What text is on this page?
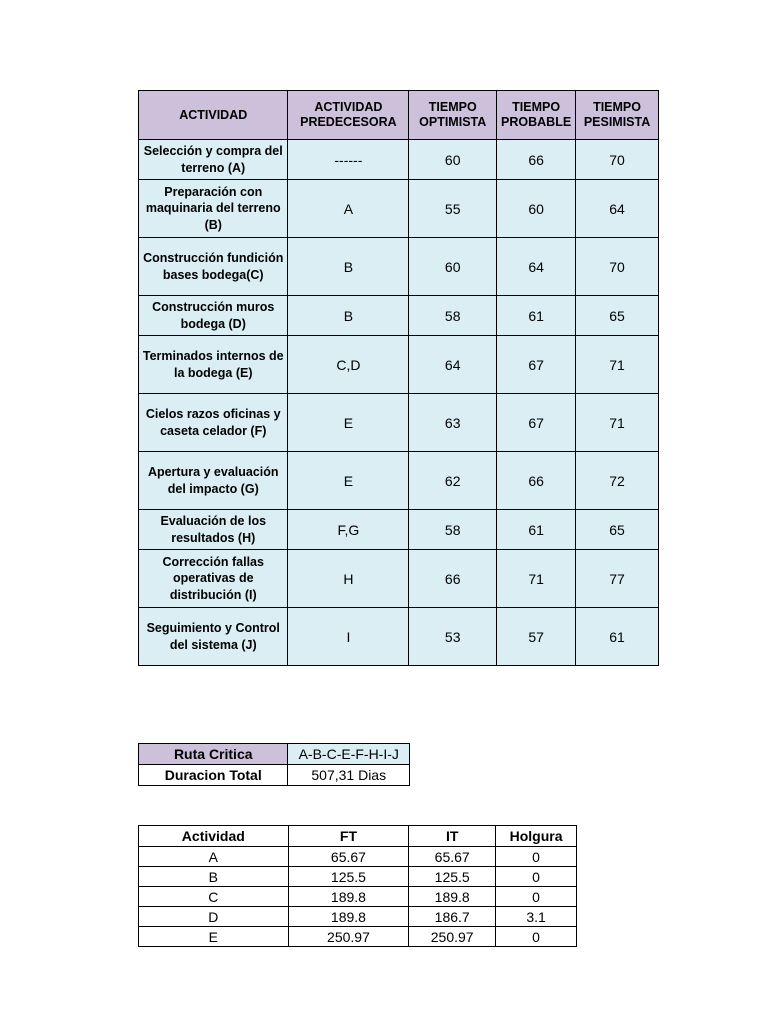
ACTIVIDAD	ACTIVIDAD PREDECESORA	TIEMPO OPTIMISTA	TIEMPO PROBABLE	TIEMPO PESIMISTA
Selección y compra del terreno (A)	------	60	66	70
Preparación con maquinaria del terreno (B)	A	55	60	64
Construcción fundición bases bodega(C)	B	60	64	70
Construcción muros bodega (D)	B	58	61	65
Terminados internos de la bodega (E)	C,D	64	67	71
Cielos razos oficinas y caseta celador (F)	E	63	67	71
Apertura y evaluación del impacto (G)	E	62	66	72
Evaluación de los resultados (H)	F,G	58	61	65
Corrección fallas operativas de distribución (I)	H	66	71	77
Seguimiento y Control del sistema (J)	I	53	57	61
Ruta Critica	A-B-C-E-F-H-I-J
Duracion Total	507,31 Dias
Actividad	FT	IT	Holgura
A	65.67	65.67	0
B	125.5	125.5	0
C	189.8	189.8	0
D	189.8	186.7	3.1
E	250.97	250.97	0
